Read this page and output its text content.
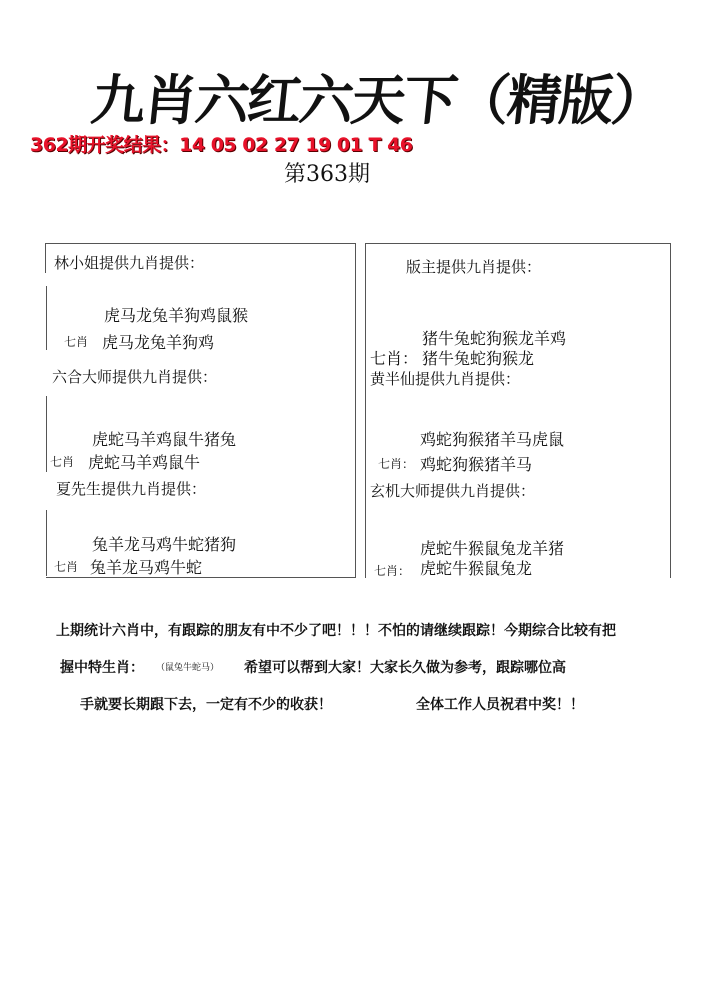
九肖六红六天下（精版）
362期开奖结果：14 05 02 27 19 01 T 46
第363期
林小姐提供九肖提供：
虎马龙兔羊狗鸡鼠猴
七肖 虎马龙兔羊狗鸡
六合大师提供九肖提供：
虎蛇马羊鸡鼠牛猪兔
七肖 虎蛇马羊鸡鼠牛
夏先生提供九肖提供：
兔羊龙马鸡牛蛇猪狗
七肖 兔羊龙马鸡牛蛇
版主提供九肖提供：
猪牛兔蛇狗猴龙羊鸡
七肖： 猪牛兔蛇狗猴龙
黄半仙提供九肖提供：
鸡蛇狗猴猪羊马虎鼠
七肖： 鸡蛇狗猴猪羊马
玄机大师提供九肖提供：
虎蛇牛猴鼠兔龙羊猪
七肖： 虎蛇牛猴鼠兔龙
上期统计六肖中，有跟踪的朋友有中不少了吧！！！不怕的请继续跟踪！今期综合比较有把
握中特生肖： （鼠兔牛蛇马） 希望可以帮到大家！大家长久做为参考，跟踪哪位高
手就要长期跟下去，一定有不少的收获！	全体工作人员祝君中奖！！
